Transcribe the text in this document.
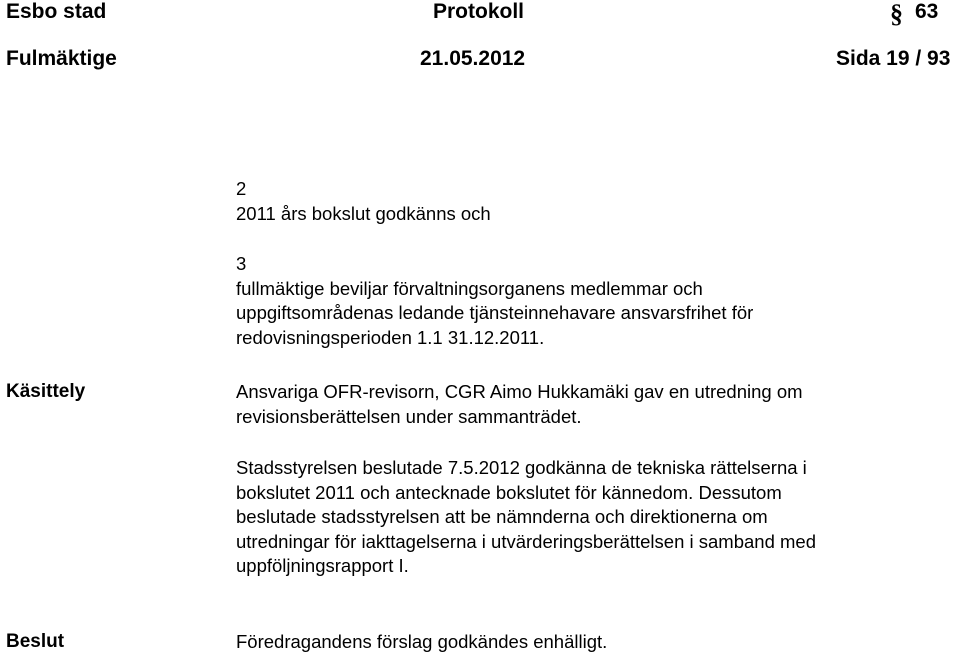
Esbo stad	Protokoll	§ 63
Fulmäktige	21.05.2012	Sida 19 / 93

2

2011 års bokslut godkänns och

3

fullmäktige beviljar förvaltningsorganens medlemmar och

uppgiftsområdenas ledande tjänsteinnehavare ansvarsfrihet för

redovisningsperioden 1.1 31.12.2011.

Käsittely	Ansvariga OFR-revisorn, CGR Aimo Hukkamäki gav en utredning om

revisionsberättelsen under sammanträdet.

Stadsstyrelsen beslutade 7.5.2012 godkänna de tekniska rättelserna i

bokslutet 2011 och antecknade bokslutet för kännedom. Dessutom

beslutade stadsstyrelsen att be nämnderna och direktionerna om

utredningar för iakttagelserna i utvärderingsberättelsen i samband med

uppföljningsrapport I.

Beslut	Föredragandens förslag godkändes enhälligt.
